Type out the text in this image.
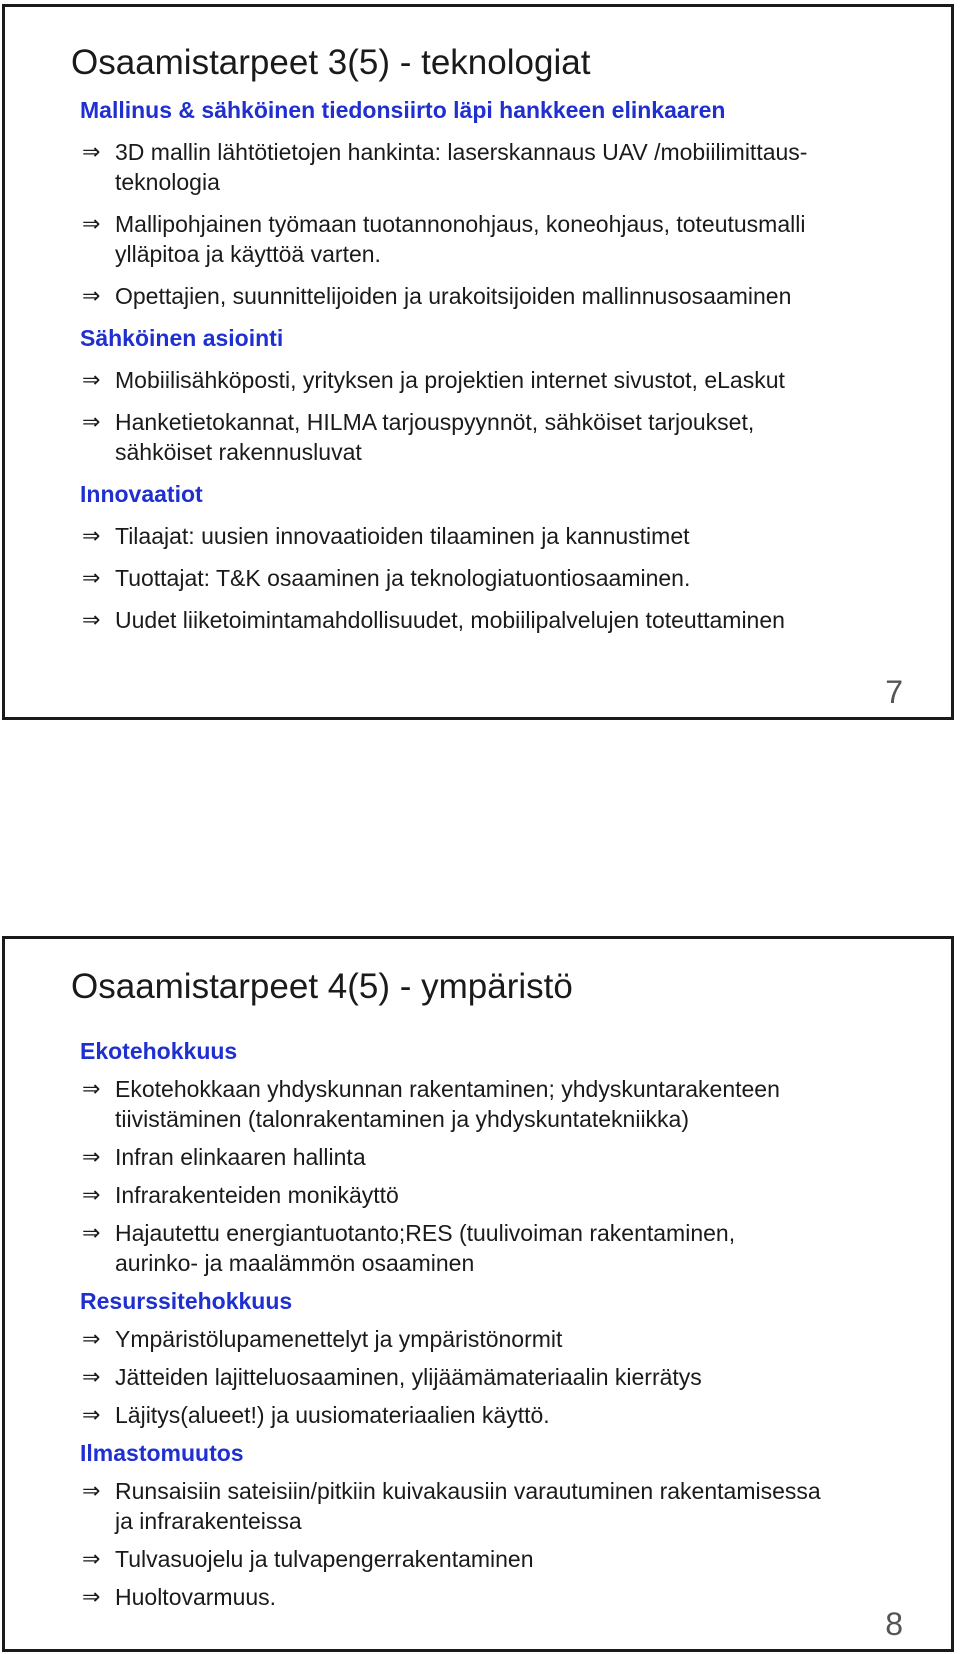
Osaamistarpeet 3(5) - teknologiat
Mallinus & sähköinen tiedonsiirto läpi hankkeen elinkaaren
⇒ 3D mallin lähtötietojen hankinta: laserskannaus UAV /mobiilimittaus-
teknologia
⇒ Mallipohjainen työmaan tuotannonohjaus, koneohjaus, toteutusmalli
ylläpitoa ja käyttöä varten.
⇒ Opettajien, suunnittelijoiden ja urakoitsijoiden mallinnusosaaminen
Sähköinen asiointi
⇒ Mobiilisähköposti, yrityksen ja projektien internet sivustot, eLaskut
⇒ Hanketietokannat, HILMA tarjouspyynnöt, sähköiset tarjoukset,
sähköiset rakennusluvat
Innovaatiot
⇒ Tilaajat: uusien innovaatioiden tilaaminen ja kannustimet
⇒ Tuottajat: T&K osaaminen ja teknologiatuontiosaaminen.
⇒ Uudet liiketoimintamahdollisuudet, mobiilipalvelujen toteuttaminen
7
Osaamistarpeet 4(5) - ympäristö
Ekotehokkuus
⇒ Ekotehokkaan yhdyskunnan rakentaminen; yhdyskuntarakenteen
tiivistäminen (talonrakentaminen ja yhdyskuntatekniikka)
⇒ Infran elinkaaren hallinta
⇒ Infrarakenteiden monikäyttö
⇒ Hajautettu energiantuotanto;RES (tuulivoiman rakentaminen,
aurinko- ja maalämmön osaaminen
Resurssitehokkuus
⇒ Ympäristölupamenettelyt ja ympäristönormit
⇒ Jätteiden lajitteluosaaminen, ylijäämämateriaalin kierrätys
⇒ Läjitys(alueet!) ja uusiomateriaalien käyttö.
Ilmastomuutos
⇒ Runsaisiin sateisiin/pitkiin kuivakausiin varautuminen rakentamisessa
ja infrarakenteissa
⇒ Tulvasuojelu ja tulvapengerrakentaminen
⇒ Huoltovarmuus.
8
